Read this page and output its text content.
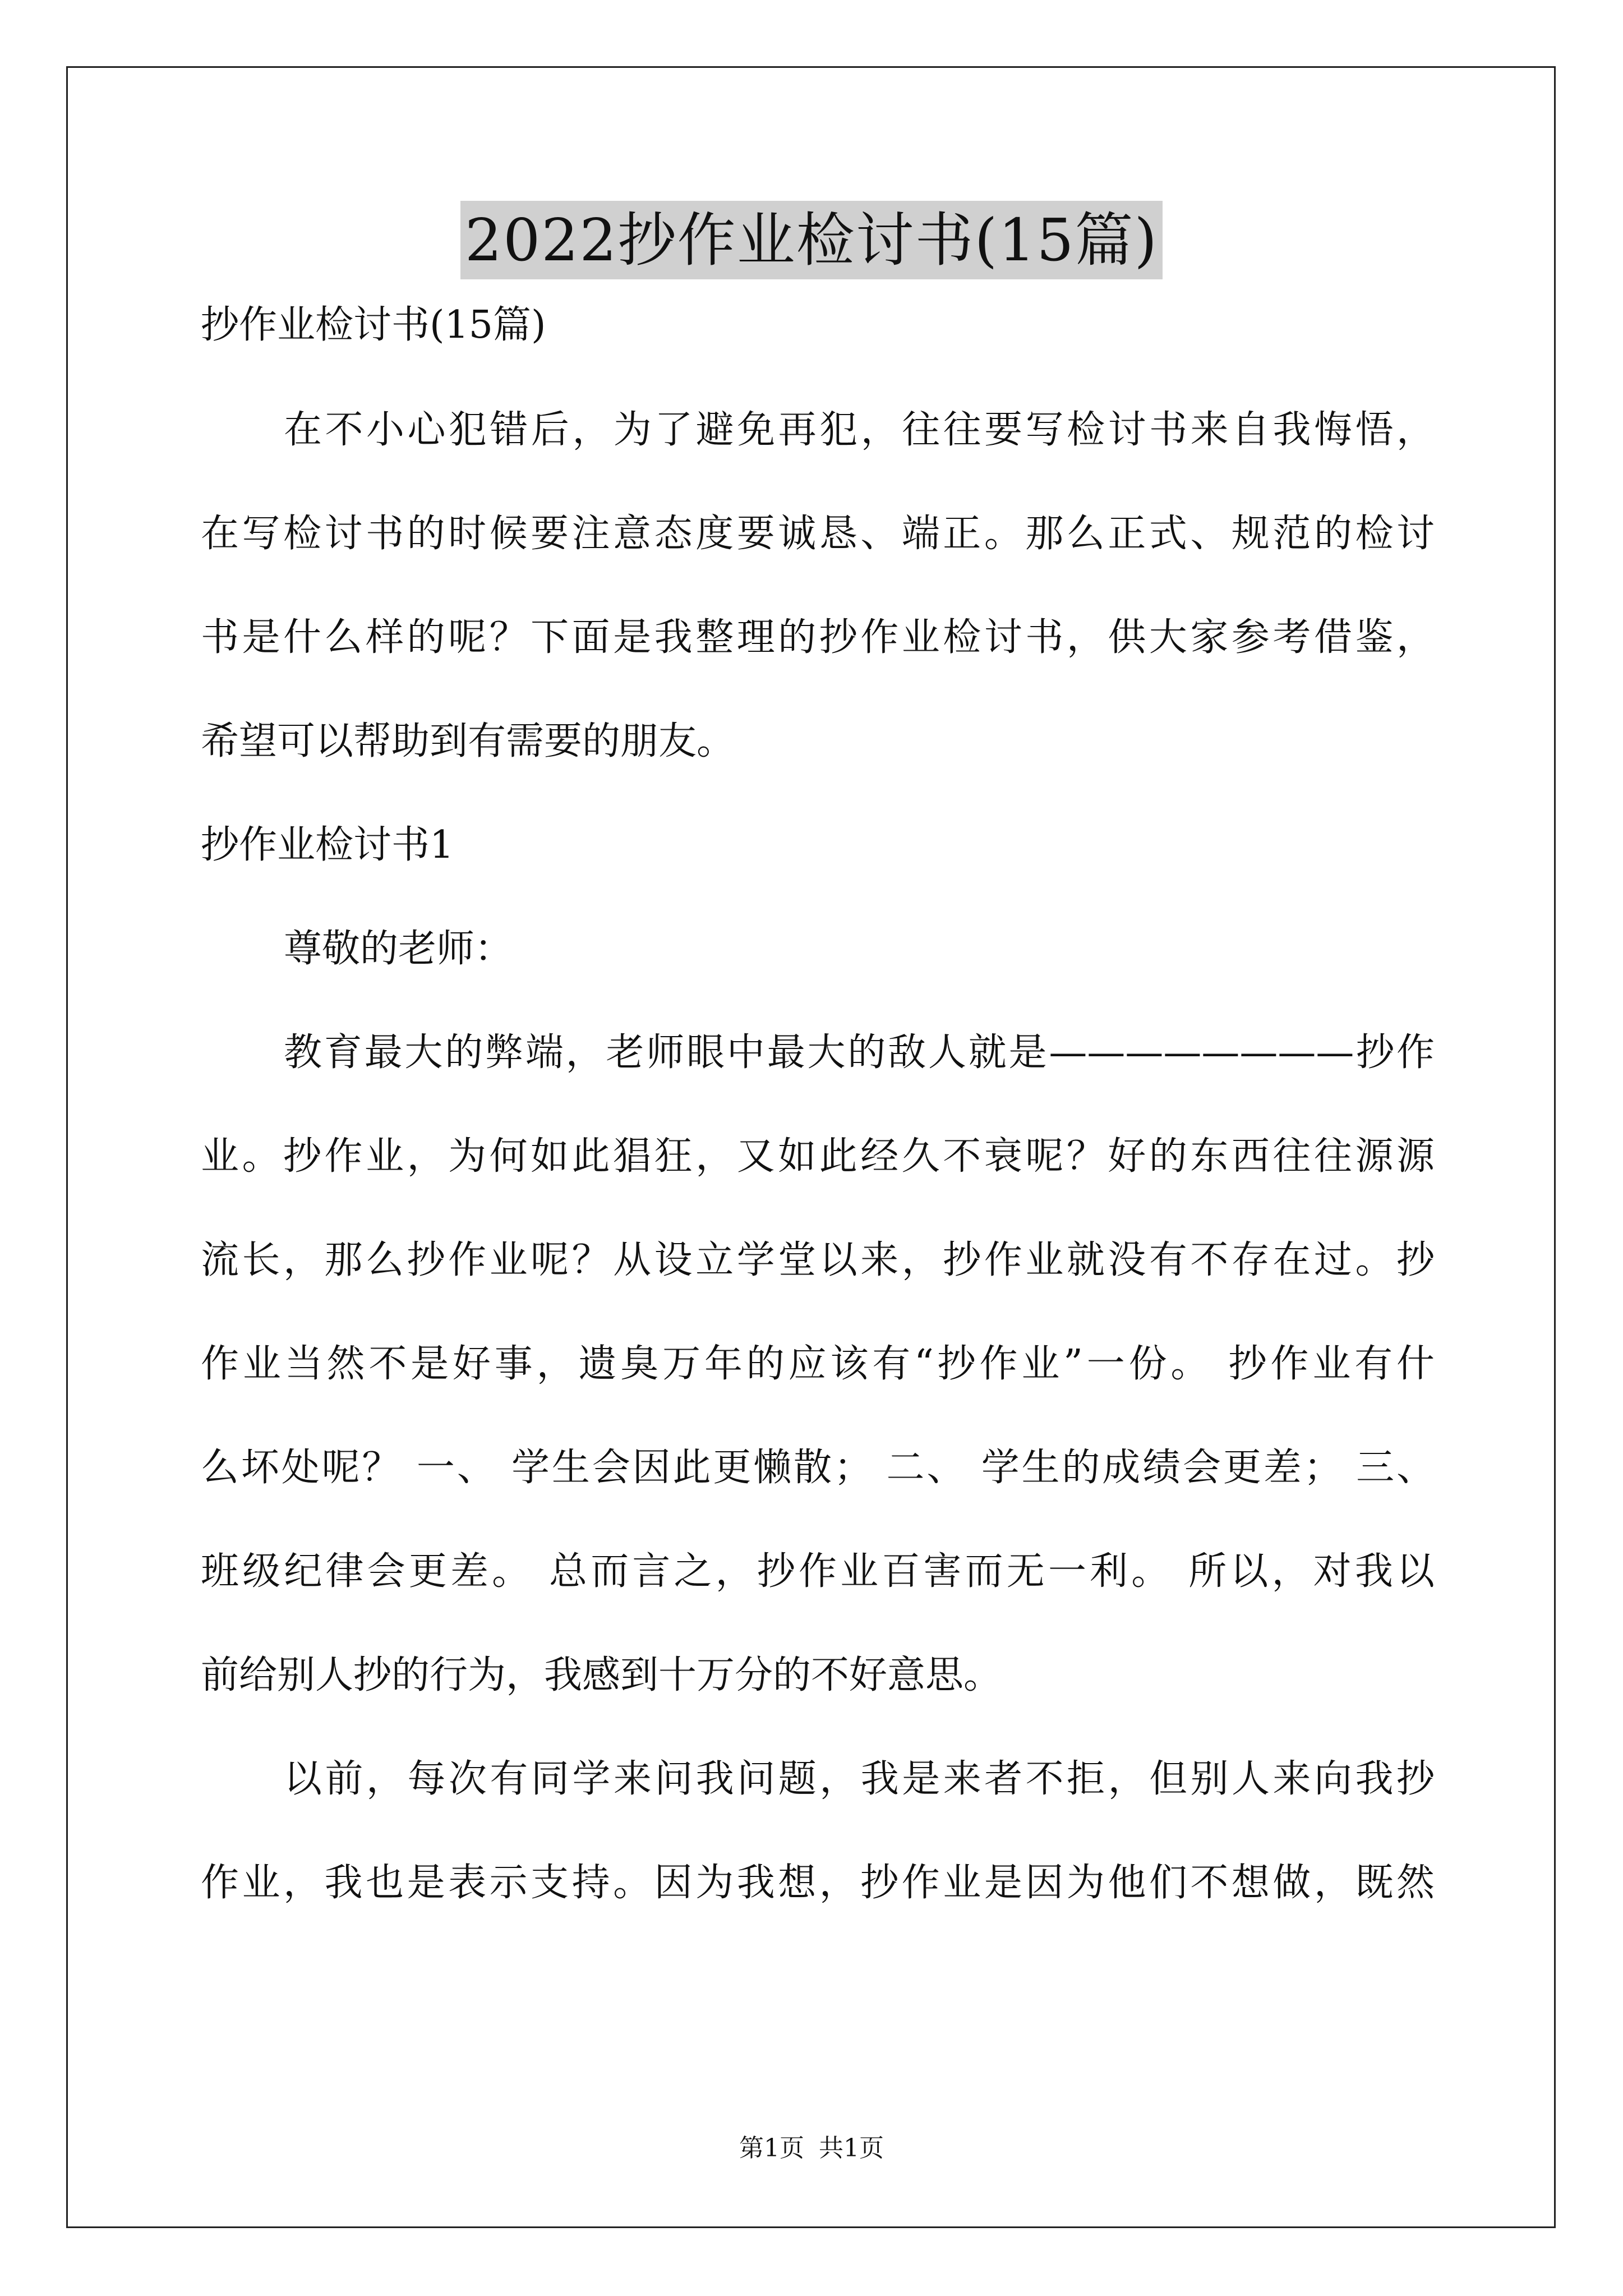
2022抄作业检讨书(15篇)
抄作业检讨书(15篇)
在不小心犯错后，为了避免再犯，往往要写检讨书来自我悔悟，
在写检讨书的时候要注意态度要诚恳、端正。那么正式、规范的检讨
书是什么样的呢？下面是我整理的抄作业检讨书，供大家参考借鉴，
希望可以帮助到有需要的朋友。
抄作业检讨书1
尊敬的老师：
教育最大的弊端，老师眼中最大的敌人就是————————抄作
业。抄作业，为何如此猖狂，又如此经久不衰呢？好的东西往往源源
流长，那么抄作业呢？从设立学堂以来，抄作业就没有不存在过。抄
作业当然不是好事，遗臭万年的应该有“抄作业”一份。 抄作业有什
么坏处呢？ 一、 学生会因此更懒散； 二、 学生的成绩会更差； 三、
班级纪律会更差。 总而言之，抄作业百害而无一利。 所以，对我以
前给别人抄的行为，我感到十万分的不好意思。
以前，每次有同学来问我问题，我是来者不拒，但别人来向我抄
作业，我也是表示支持。因为我想，抄作业是因为他们不想做，既然
第1页 共1页
